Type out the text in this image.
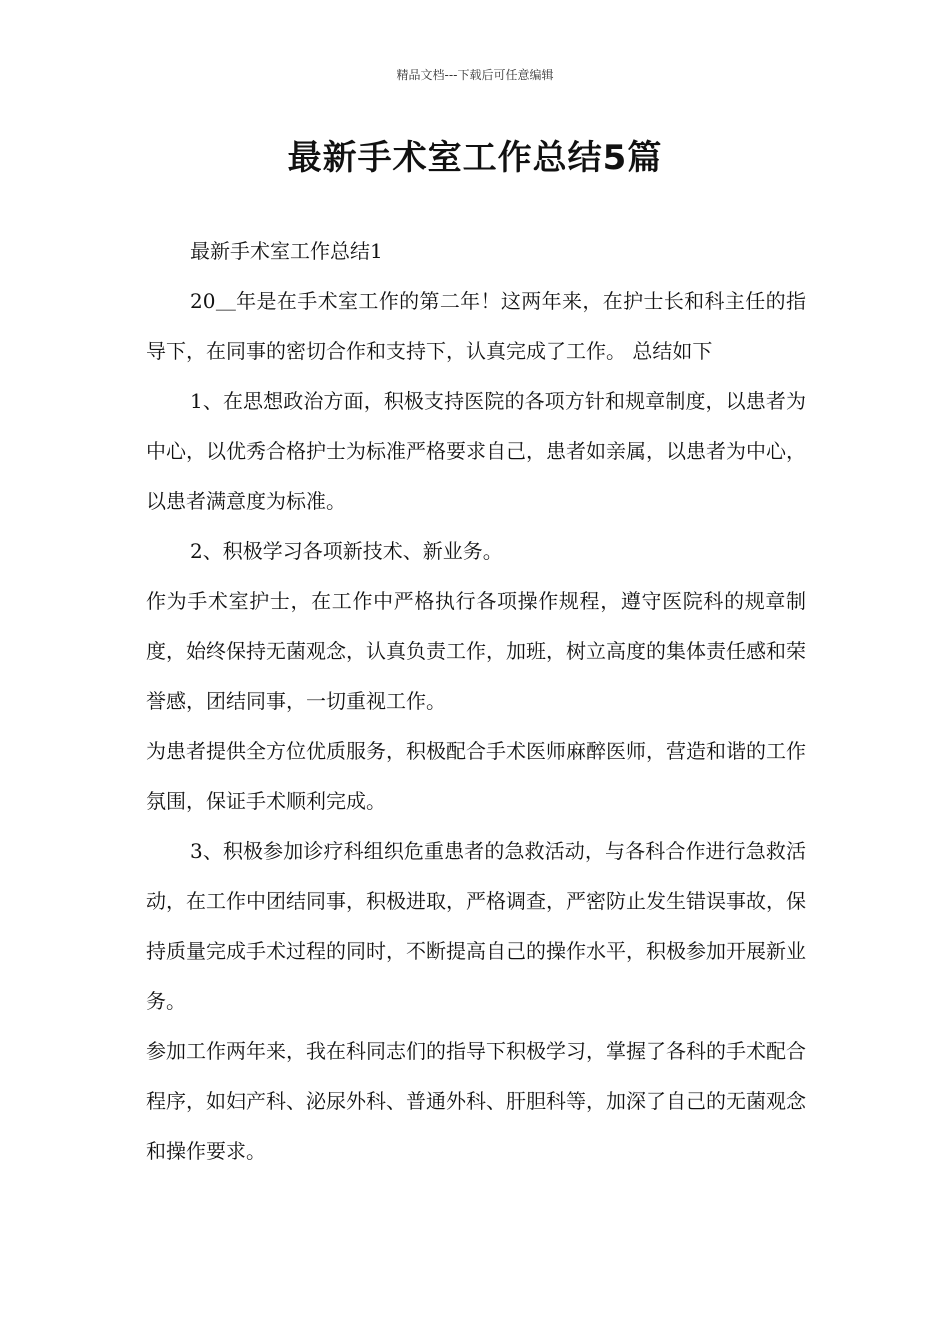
精品文档---下载后可任意编辑
最新手术室工作总结5篇

最新手术室工作总结1

20＿年是在手术室工作的第二年！这两年来，在护士长和科主任的指导下，在同事的密切合作和支持下，认真完成了工作。 总结如下

1、在思想政治方面，积极支持医院的各项方针和规章制度，以患者为中心，以优秀合格护士为标准严格要求自己，患者如亲属，以患者为中心，以患者满意度为标准。

2、积极学习各项新技术、新业务。

作为手术室护士，在工作中严格执行各项操作规程，遵守医院科的规章制度，始终保持无菌观念，认真负责工作，加班，树立高度的集体责任感和荣誉感，团结同事，一切重视工作。

为患者提供全方位优质服务，积极配合手术医师麻醉医师，营造和谐的工作氛围，保证手术顺利完成。

3、积极参加诊疗科组织危重患者的急救活动，与各科合作进行急救活动，在工作中团结同事，积极进取，严格调查，严密防止发生错误事故，保持质量完成手术过程的同时，不断提高自己的操作水平，积极参加开展新业务。

参加工作两年来，我在科同志们的指导下积极学习，掌握了各科的手术配合程序，如妇产科、泌尿外科、普通外科、肝胆科等，加深了自己的无菌观念和操作要求。
